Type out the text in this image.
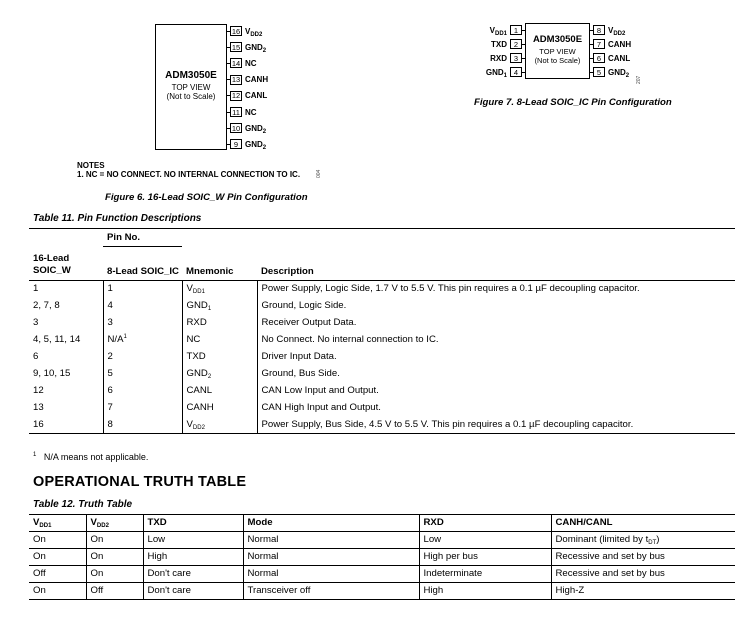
ADM3050E
TOP VIEW
(Not to Scale)
16 $V_{DD2}$
15 $GND_2$
14 NC
13 CANH
12 CANL
11 NC
10 $GND_2$
9 $GND_2$
NOTES
1. NC = NO CONNECT. NO INTERNAL CONNECTION TO IC.	004
Figure 6. 16-Lead SOIC_W Pin Configuration
ADM3050E
TOP VIEW
(Not to Scale)
$V_{DD1}$ 1
TXD 2
RXD 3
$GND_1$ 4
8 $V_{DD2}$
7 CANH
6 CANL
5 $GND_2$
207
Figure 7. 8-Lead SOIC_IC Pin Configuration
Table 11. Pin Function Descriptions
	Pin No.		

16-Lead
SOIC_W	8-Lead SOIC_IC	Mnemonic	Description
1	1	$V_{DD1}$	Power Supply, Logic Side, 1.7 V to 5.5 V. This pin requires a 0.1 µF decoupling capacitor.
2, 7, 8	4	$GND_1$	Ground, Logic Side.
3	3	RXD	Receiver Output Data.
4, 5, 11, 14	$N/A^1$	NC	No Connect. No internal connection to IC.
6	2	TXD	Driver Input Data.
9, 10, 15	5	$GND_2$	Ground, Bus Side.
12	6	CANL	CAN Low Input and Output.
13	7	CANH	CAN High Input and Output.
16	8	$V_{DD2}$	Power Supply, Bus Side, 4.5 V to 5.5 V. This pin requires a 0.1 µF decoupling capacitor.
$^1$ N/A means not applicable.
OPERATIONAL TRUTH TABLE
Table 12. Truth Table
$V_{DD1}$	$V_{DD2}$	TXD	Mode	RXD	CANH/CANL
On	On	Low	Normal	Low	Dominant (limited by $t_{DT}$)
On	On	High	Normal	High per bus	Recessive and set by bus
Off	On	Don't care	Normal	Indeterminate	Recessive and set by bus
On	Off	Don't care	Transceiver off	High	High-Z
